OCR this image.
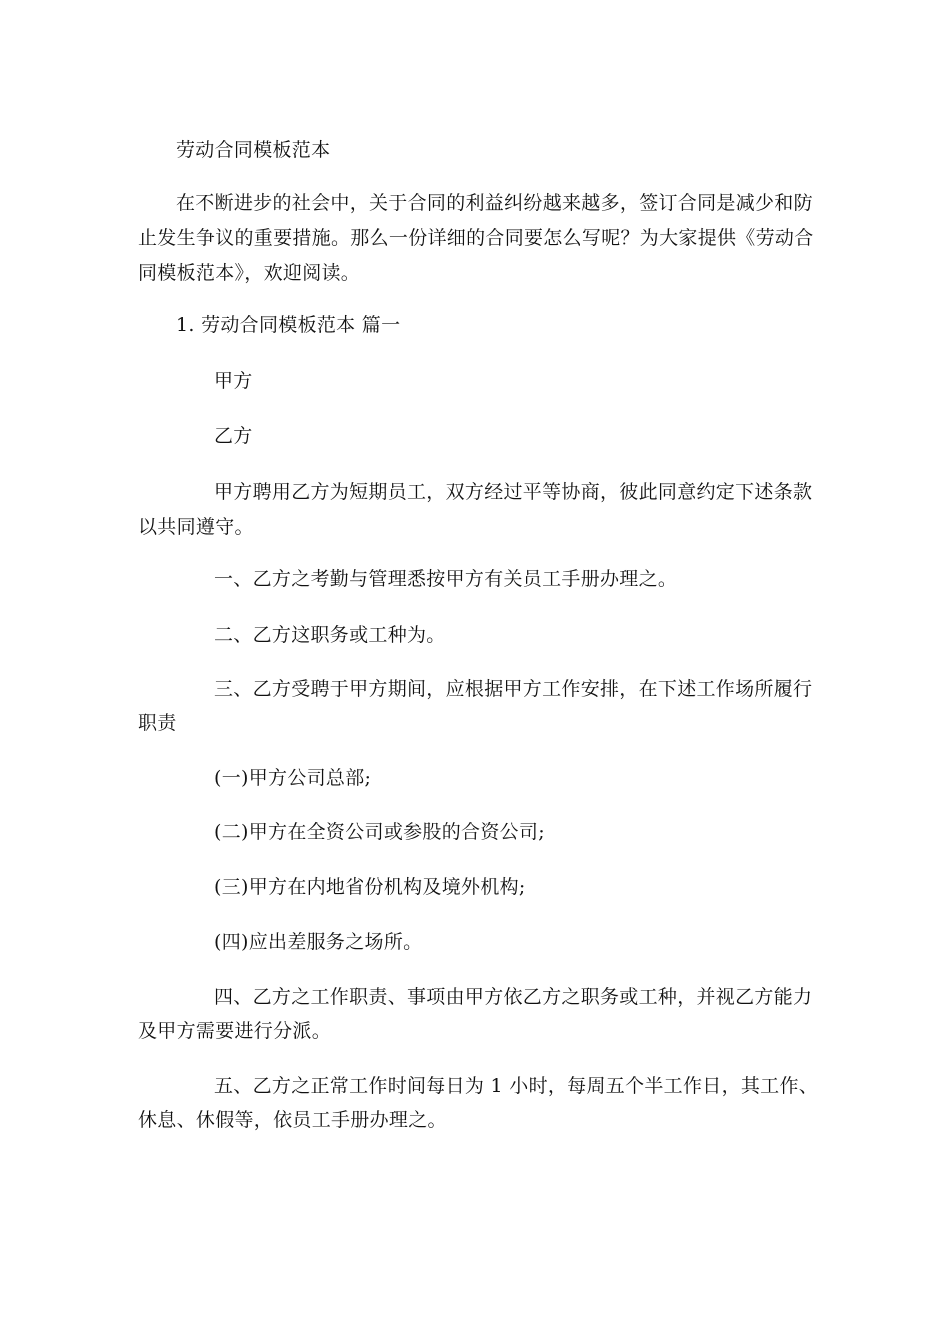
劳动合同模板范本

在不断进步的社会中，关于合同的利益纠纷越来越多，签订合同是减少和防

止发生争议的重要措施。那么一份详细的合同要怎么写呢？为大家提供《劳动合

同模板范本》，欢迎阅读。

1. 劳动合同模板范本 篇一

甲方

乙方

甲方聘用乙方为短期员工，双方经过平等协商，彼此同意约定下述条款

以共同遵守。

一、乙方之考勤与管理悉按甲方有关员工手册办理之。

二、乙方这职务或工种为。

三、乙方受聘于甲方期间，应根据甲方工作安排，在下述工作场所履行

职责

(一)甲方公司总部;

(二)甲方在全资公司或参股的合资公司;

(三)甲方在内地省份机构及境外机构;

(四)应出差服务之场所。

四、乙方之工作职责、事项由甲方依乙方之职务或工种，并视乙方能力

及甲方需要进行分派。

五、乙方之正常工作时间每日为 1 小时，每周五个半工作日，其工作、

休息、休假等，依员工手册办理之。
